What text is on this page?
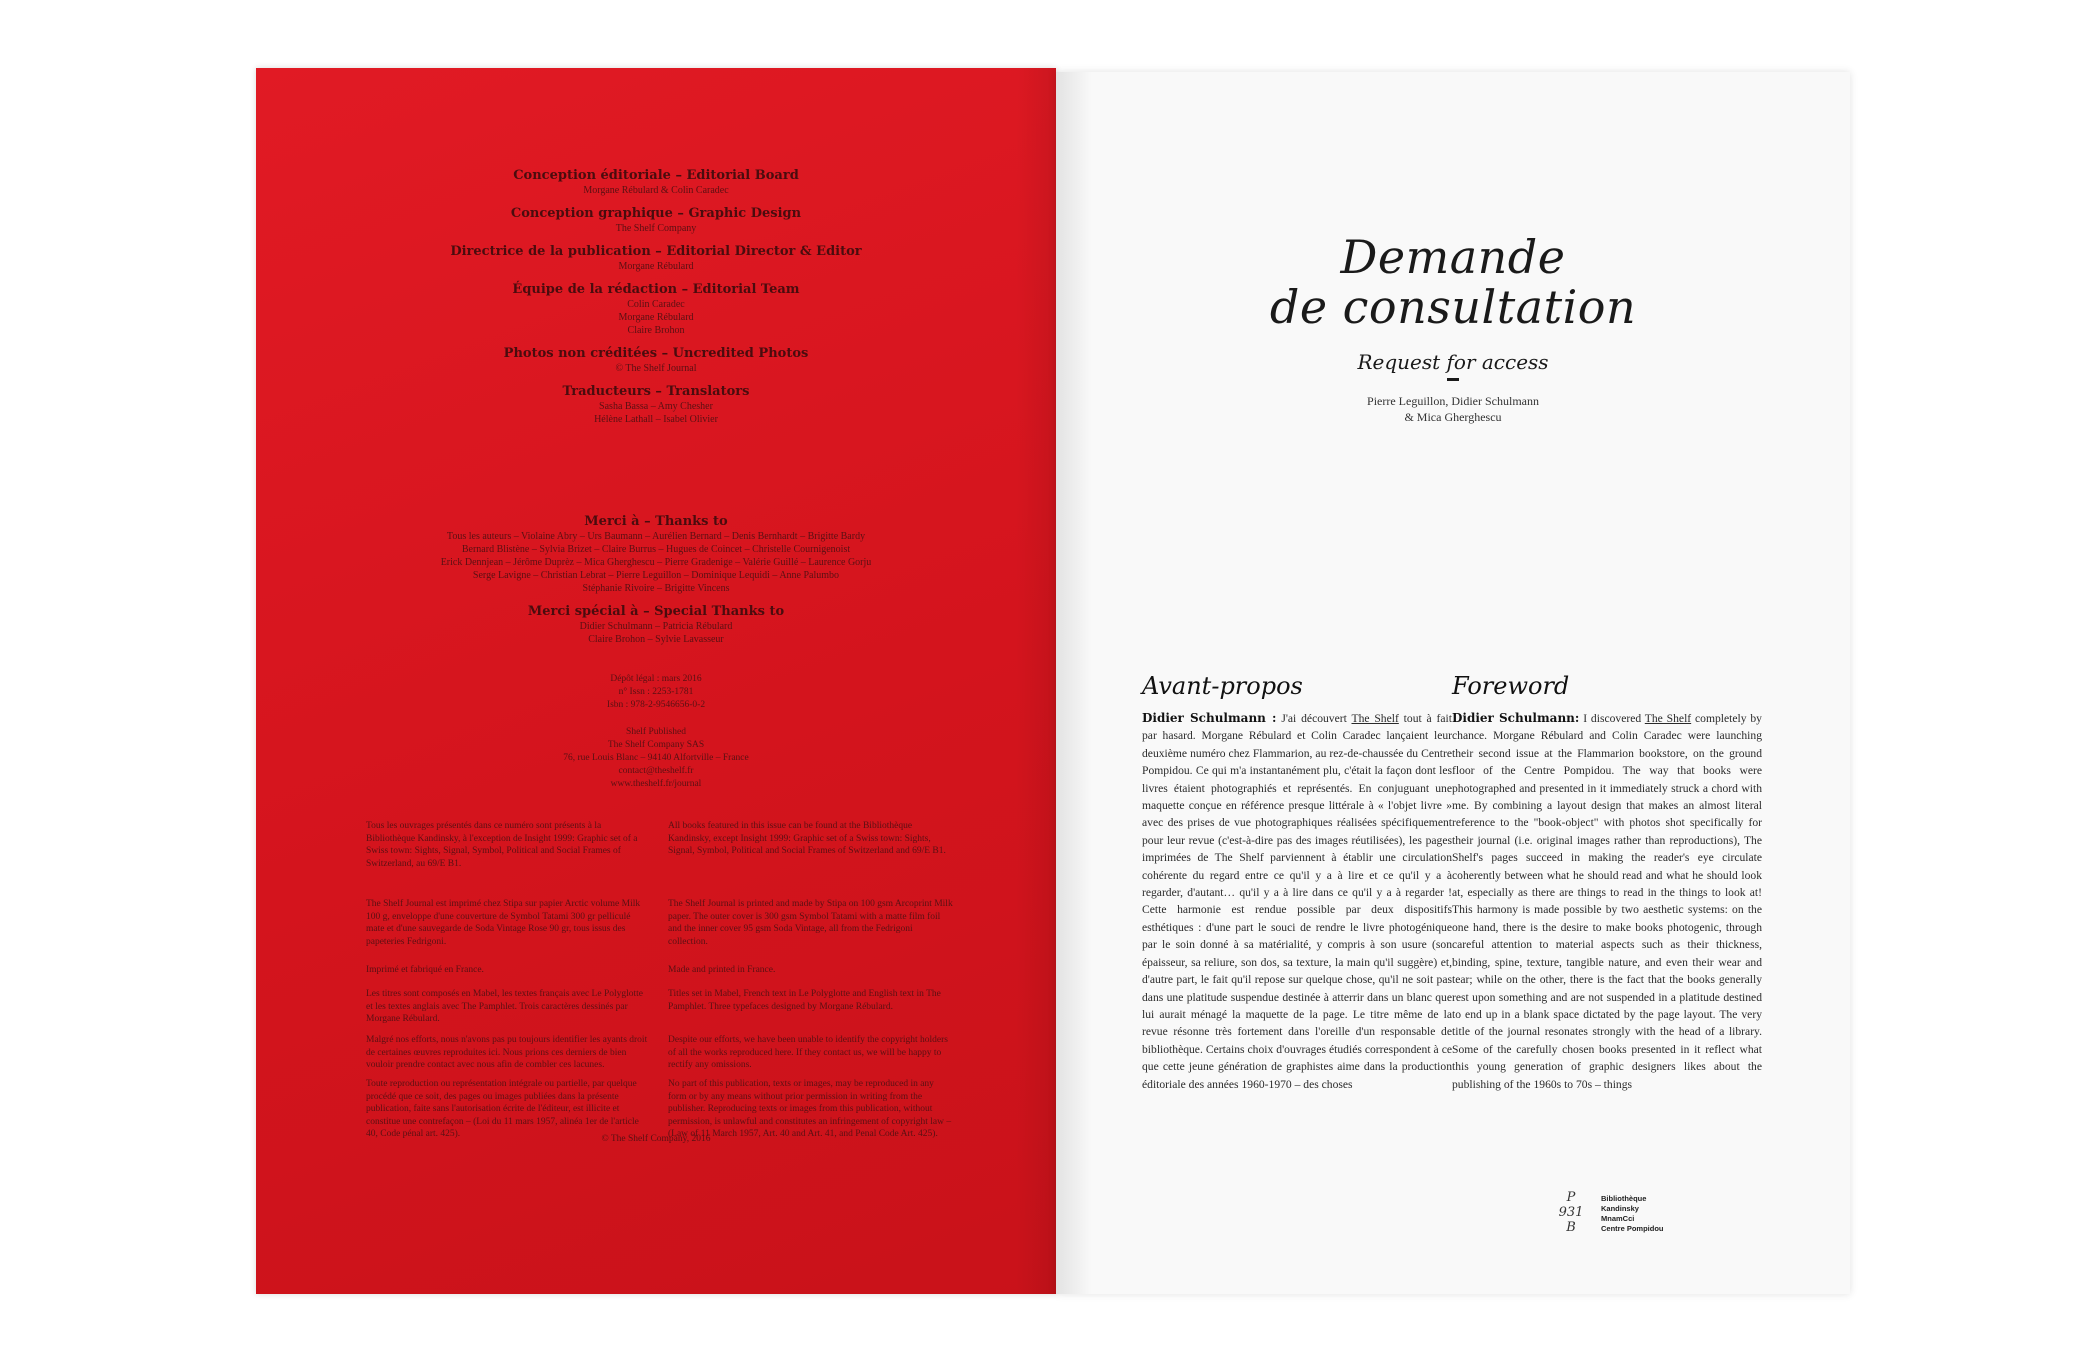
Conception éditoriale – Editorial Board
Morgane Rébulard & Colin Caradec
Conception graphique – Graphic Design
The Shelf Company
Directrice de la publication – Editorial Director & Editor
Morgane Rébulard
Équipe de la rédaction – Editorial Team
Colin Caradec
Morgane Rébulard
Claire Brohon
Photos non créditées – Uncredited Photos
© The Shelf Journal
Traducteurs – Translators
Sasha Bassa – Amy Chesher
Hélène Lathall – Isabel Olivier
Merci à – Thanks to
Tous les auteurs – Violaine Abry – Urs Baumann – Aurélien Bernard – Denis Bernhardt – Brigitte Bardy
Bernard Blistène – Sylvia Brizet – Claire Burrus – Hugues de Coincet – Christelle Cournigenoist
Erick Dennjean – Jérôme Duprèz – Mica Gherghescu – Pierre Gradenige – Valérie Guillé – Laurence Gorju
Serge Lavigne – Christian Lebrat – Pierre Leguillon – Dominique Lequidi – Anne Palumbo
Stéphanie Rivoire – Brigitte Vincens
Merci spécial à – Special Thanks to
Didier Schulmann – Patricia Rébulard
Claire Brohon – Sylvie Lavasseur
Dépôt légal : mars 2016
n° Issn : 2253-1781
Isbn : 978-2-9546656-0-2
Shelf Published
The Shelf Company SAS
76, rue Louis Blanc – 94140 Alfortville – France
contact@theshelf.fr
www.theshelf.fr/journal
Tous les ouvrages présentés dans ce numéro sont présents à la Bibliothèque Kandinsky, à l'exception de Insight 1999: Graphic set of a Swiss town: Sights, Signal, Symbol, Political and Social Frames of Switzerland, au 69/E B1.
The Shelf Journal est imprimé chez Stipa sur papier Arctic volume Milk 100 g, enveloppe d'une couverture de Symbol Tatami 300 gr pelliculé mate et d'une sauvegarde de Soda Vintage Rose 90 gr, tous issus des papeteries Fedrigoni.
Imprimé et fabriqué en France.
Les titres sont composés en Mabel, les textes français avec Le Polyglotte et les textes anglais avec The Pamphlet. Trois caractères dessinés par Morgane Rébulard.
Malgré nos efforts, nous n'avons pas pu toujours identifier les ayants droit de certaines œuvres reproduites ici. Nous prions ces derniers de bien vouloir prendre contact avec nous afin de combler ces lacunes.
All books featured in this issue can be found at the Bibliothèque Kandinsky, except Insight 1999: Graphic set of a Swiss town: Sights, Signal, Symbol, Political and Social Frames of Switzerland and 69/E B1.
The Shelf Journal is printed and made by Stipa on 100 gsm Arcoprint Milk paper. The outer cover is 300 gsm Symbol Tatami with a matte film foil and the inner cover 95 gsm Soda Vintage, all from the Fedrigoni collection.
Made and printed in France.
Titles set in Mabel, French text in Le Polyglotte and English text in The Pamphlet. Three typefaces designed by Morgane Rébulard.
Despite our efforts, we have been unable to identify the copyright holders of all the works reproduced here. If they contact us, we will be happy to rectify any omissions.
Toute reproduction ou représentation intégrale ou partielle, par quelque procédé que ce soit, des pages ou images publiées dans la présente publication, faite sans l'autorisation écrite de l'éditeur, est illicite et constitue une contrefaçon – (Loi du 11 mars 1957, alinéa 1er de l'article 40, Code pénal art. 425).
No part of this publication, texts or images, may be reproduced in any form or by any means without prior permission in writing from the publisher. Reproducing texts or images from this publication, without permission, is unlawful and constitutes an infringement of copyright law – (Law of 11 March 1957, Art. 40 and Art. 41, and Penal Code Art. 425).
© The Shelf Company, 2016
Demande
de consultation
Request for access
Pierre Leguillon, Didier Schulmann
& Mica Gherghescu
Avant-propos

Didier Schulmann : J'ai découvert The Shelf tout à fait par hasard. Morgane Rébulard et Colin Caradec lançaient leur deuxième numéro chez Flammarion, au rez-de-chaussée du Centre Pompidou. Ce qui m'a instantanément plu, c'était la façon dont les livres étaient photographiés et représentés. En conjuguant une maquette conçue en référence presque littérale à « l'objet livre » avec des prises de vue photographiques réalisées spécifiquement pour leur revue (c'est-à-dire pas des images réutilisées), les pages imprimées de The Shelf parviennent à établir une circulation cohérente du regard entre ce qu'il y a à lire et ce qu'il y a à regarder, d'autant… qu'il y a à lire dans ce qu'il y a à regarder ! Cette harmonie est rendue possible par deux dispositifs esthétiques : d'une part le souci de rendre le livre photogénique par le soin donné à sa matérialité, y compris à son usure (son épaisseur, sa reliure, son dos, sa texture, la main qu'il suggère) et, d'autre part, le fait qu'il repose sur quelque chose, qu'il ne soit pas dans une platitude suspendue destinée à atterrir dans un blanc que lui aurait ménagé la maquette de la page. Le titre même de la revue résonne très fortement dans l'oreille d'un responsable de bibliothèque. Certains choix d'ouvrages étudiés correspondent à ce que cette jeune génération de graphistes aime dans la production éditoriale des années 1960-1970 – des choses

Foreword

Didier Schulmann: I discovered The Shelf completely by chance. Morgane Rébulard and Colin Caradec were launching their second issue at the Flammarion bookstore, on the ground floor of the Centre Pompidou. The way that books were photographed and presented in it immediately struck a chord with me. By combining a layout design that makes an almost literal reference to the "book-object" with photos shot specifically for their journal (i.e. original images rather than reproductions), The Shelf's pages succeed in making the reader's eye circulate coherently between what he should read and what he should look at, especially as there are things to read in the things to look at! This harmony is made possible by two aesthetic systems: on the one hand, there is the desire to make books photogenic, through careful attention to material aspects such as their thickness, binding, spine, texture, tangible nature, and even their wear and tear; while on the other, there is the fact that the books generally rest upon something and are not suspended in a platitude destined to end up in a blank space dictated by the page layout. The very title of the journal resonates strongly with the head of a library. Some of the carefully chosen books presented in it reflect what this young generation of graphic designers likes about the publishing of the 1960s to 70s – things

P
931
B
Bibliothèque
Kandinsky
MnamCci
Centre Pompidou
